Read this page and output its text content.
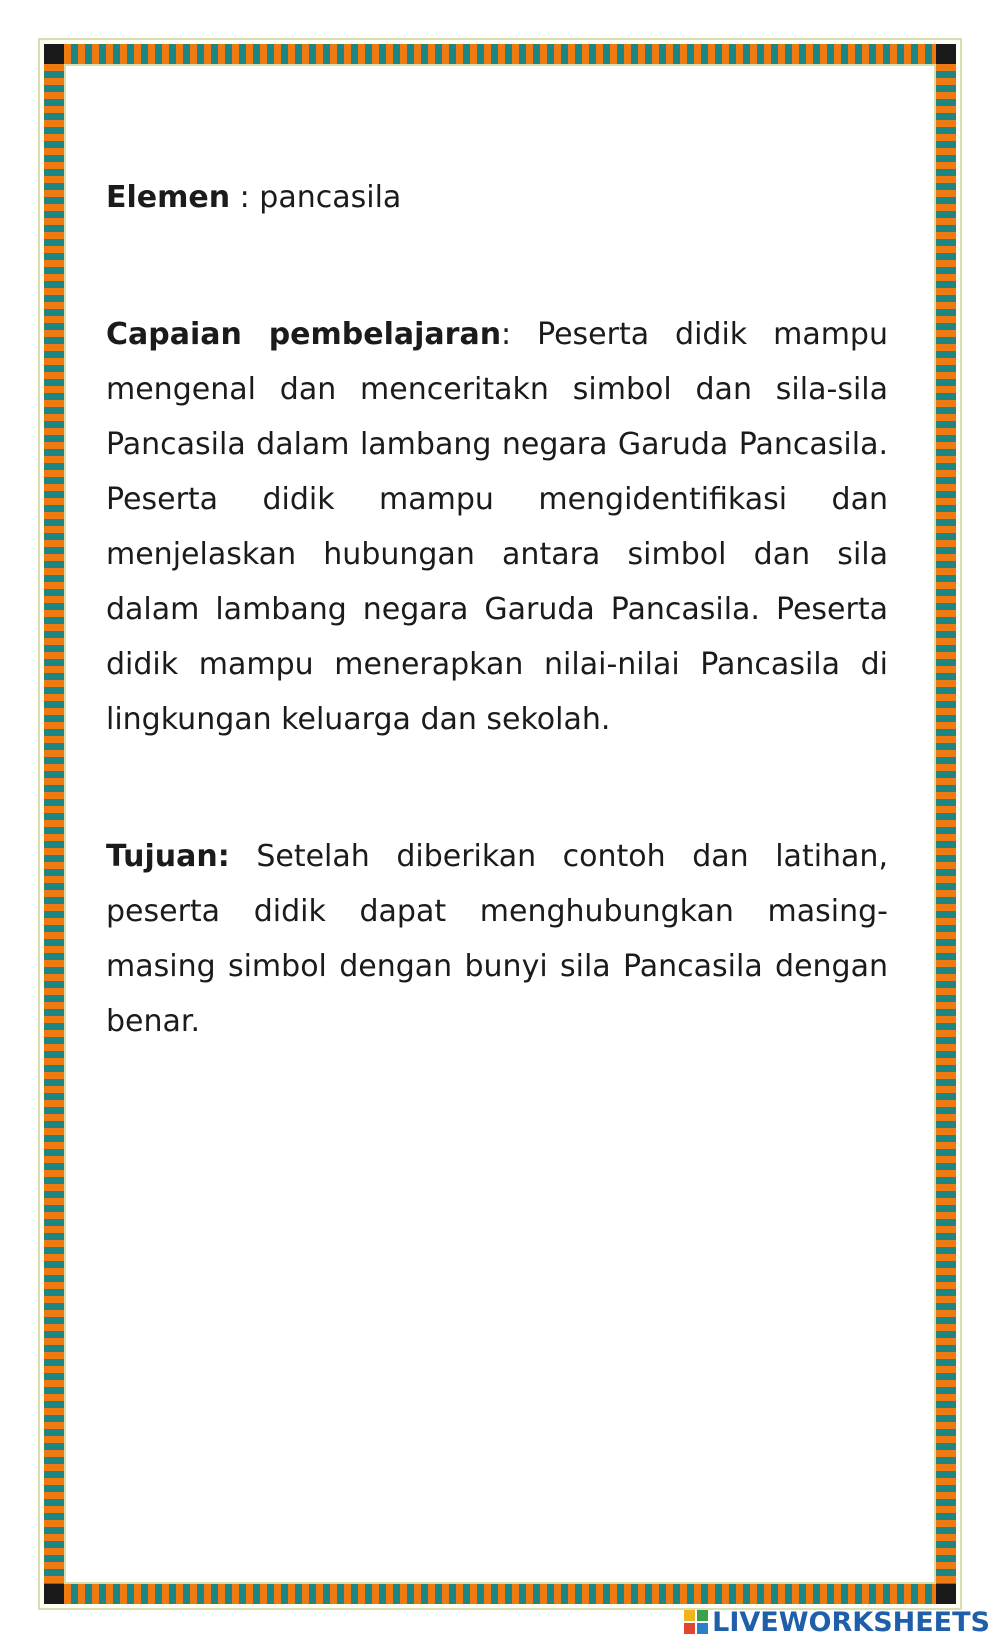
Elemen : pancasila

Capaian pembelajaran: Peserta didik mampu mengenal dan menceritakn simbol dan sila-sila Pancasila dalam lambang negara Garuda Pancasila. Peserta didik mampu mengidentifikasi dan menjelaskan hubungan antara simbol dan sila dalam lambang negara Garuda Pancasila. Peserta didik mampu menerapkan nilai-nilai Pancasila di lingkungan keluarga dan sekolah.

Tujuan: Setelah diberikan contoh dan latihan, peserta didik dapat menghubungkan masing-masing simbol dengan bunyi sila Pancasila dengan benar.

LIVEWORKSHEETS
